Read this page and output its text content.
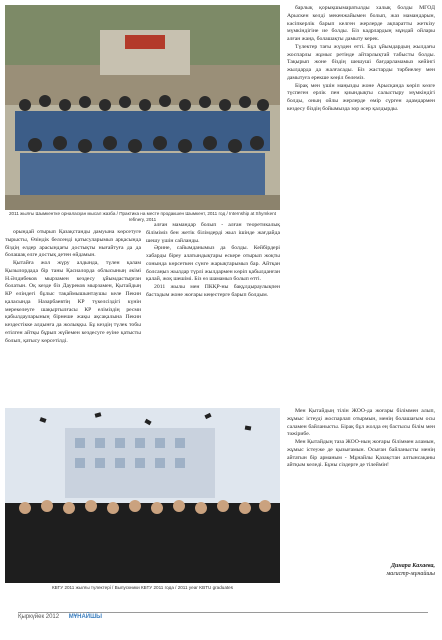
2011 жылғы Шымкентке орналасқан мысал жазба / Практика на месте продакшен Шымкент, 2011 год / Internship at Shymkent refinery, 2011

орындай отырып Қазақстанды дамуына көрсетуге тырысты, Өзіндік белсенді қатысуларымыз арқасында біздің елдер арасындағы достықты нығайтуға да да болашақ елге достық детен өйдамын.

Қытайға жол жүру алдында, түлен қалам Қызылордада бір таны Қасиалорда облысының әкімі Н.Әлдибеков мырзамен кездесу ұйымдастырған болатын. Оқ кезде біз Дауреков мырзамен, Қытайдың КР еліндегі бұлыс тақаймышынтаушы келе Пекин қаласында Назарбаевтің КР түкелсіздігі күнін мерекелеуге шақыртылғасы КР еліміздің ресми қабылдауларының бірнеше жақы ақсақалына Пекин кездестікке алдынға да жолыққы. Бұ кездің түлек тобы өтілген айтқы бұрып жүйемен кездесуге еуіне қатысты болып, қатысу көрсетілді.

алған мамандар болып - алған теоретикалық біліміміз бен жетік білімдерді жыл ішінде жағдайда шешу үшін сайланды.

Әрине, сайымданымыз да болды. Кейбірдері хабарды біреу алатындықтары ескере отырып жоқты сонында көрсеткен сүнге жарықтарымыз бар. Айтқан болсаңыз жылдар түрлі жылдармен көріп қабылданған қалай, жоқ шешімі. Біз өз шамамыз болып өтті.

2011 жылы мен ПКҚР-ны бақұлдыраулықпен бастадым жоне жоғары кеңестерге барып болдым.

барлық қорықшымаратылды халық болды МГОД Арыскен келді мекенжайымен болып, жаз мамандарын, кәсіпкерлік барып келген жерлерде ақпаратты жеткізу мүмкіндігіне ие болды. Біз кадрлардың мұндай ойлары алған жаңа, болашақты дамыту керек.

Түлектер тағы жүзден өтті. Бұл ұйымдардың жылдағы жоспарлы жұмыс ретінде айтарлықтай табысты болды. Тақырып жоне біздің шешуші бағдарламамыз кейінгі жылдарда да жалғасады. Біз жастарды тәрбиелеу мен дамытуға ерекше көңіл бөлеміз.

Бірақ мен үшін маңызды жоне Арысқанда көріп көзге түспеген ерлік пен қиындықты салыстыру мүмкіндігі болды, оның ойлы жерлерде өмір сүрген адамдармен кездесу біздің бойымызда зор әсер қалдырды.

КБТУ 2011 жылғы түлектері / Выпускники КБТУ 2011 года / 2011 year KBTU graduates

Мен Қытайдың тілін ЖОО-да жоғары біліммен алып, жұмыс істеуді жоспарлап отырмын, менің болашағым осы саламен байланысты. Бірақ бұл жолда ең бастысы білім мен тәжірибе.

Мен Қытайдың таза ЖОО-ның жоғары біліммен аламын, жұмыс істеуже де қызығамын. Осыған байланысты менің айтатын бір арманым - Мұнайлы Қазақстан алтынсақаны айтқым келеді. Бұны сіздерге де тілеймін!

Динара Кахаева,
магистр-мұнайшы
Қыркүйек 2012 МҰНАЙШЫ
